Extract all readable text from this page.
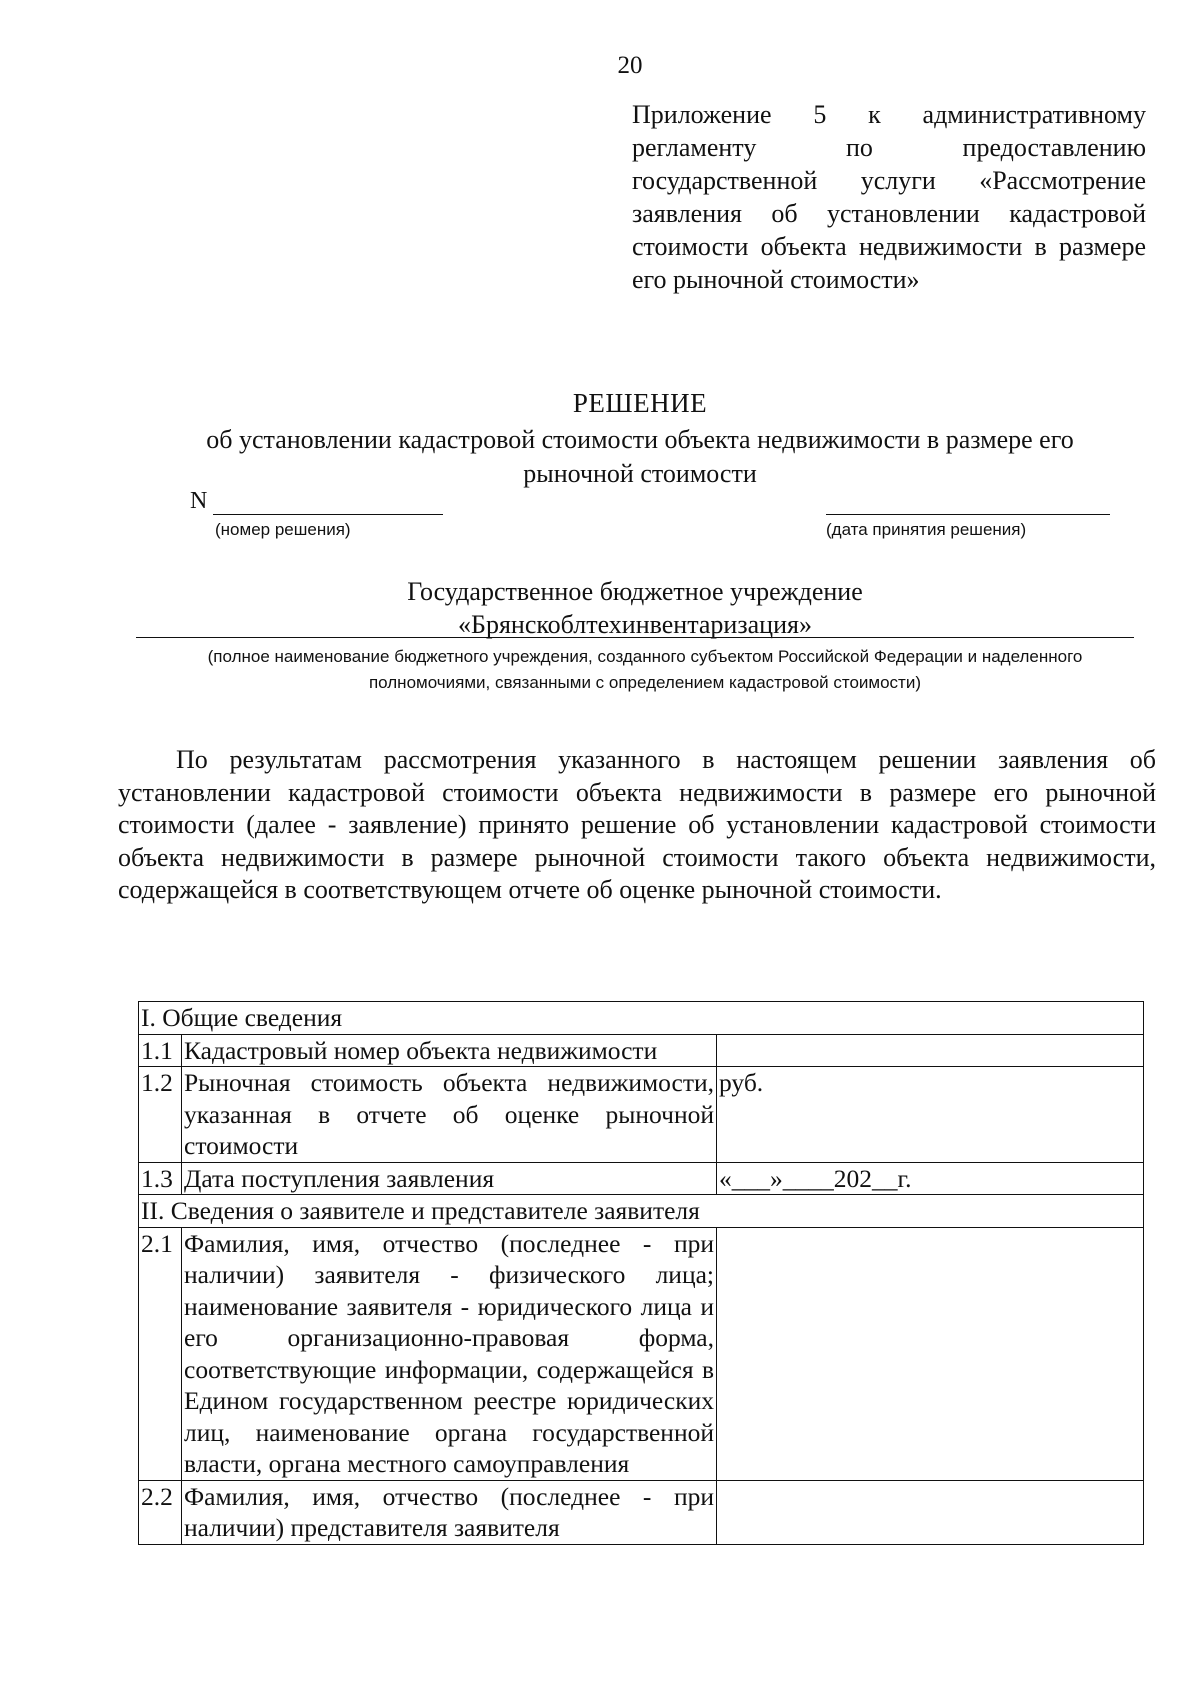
20
Приложение 5 к административному регламенту по предоставлению государственной услуги «Рассмотрение заявления об установлении кадастровой стоимости объекта недвижимости в размере его рыночной стоимости»
РЕШЕНИЕ
об установлении кадастровой стоимости объекта недвижимости в размере его рыночной стоимости
N
(номер решения)	(дата принятия решения)
Государственное бюджетное учреждение
«Брянскоблтехинвентаризация»
(полное наименование бюджетного учреждения, созданного субъектом Российской Федерации и наделенного полномочиями, связанными с определением кадастровой стоимости)
По результатам рассмотрения указанного в настоящем решении заявления об установлении кадастровой стоимости объекта недвижимости в размере его рыночной стоимости (далее - заявление) принято решение об установлении кадастровой стоимости объекта недвижимости в размере рыночной стоимости такого объекта недвижимости, содержащейся в соответствующем отчете об оценке рыночной стоимости.
I. Общие сведения		
1.1	Кадастровый номер объекта недвижимости	
1.2	Рыночная стоимость объекта недвижимости, указанная в отчете об оценке рыночной стоимости	руб.
1.3	Дата поступления заявления	«___»____202__г.
II. Сведения о заявителе и представителе заявителя		
2.1	Фамилия, имя, отчество (последнее - при наличии) заявителя - физического лица; наименование заявителя - юридического лица и его организационно-правовая форма, соответствующие информации, содержащейся в Едином государственном реестре юридических лиц, наименование органа государственной власти, органа местного самоуправления	
2.2	Фамилия, имя, отчество (последнее - при наличии) представителя заявителя	
